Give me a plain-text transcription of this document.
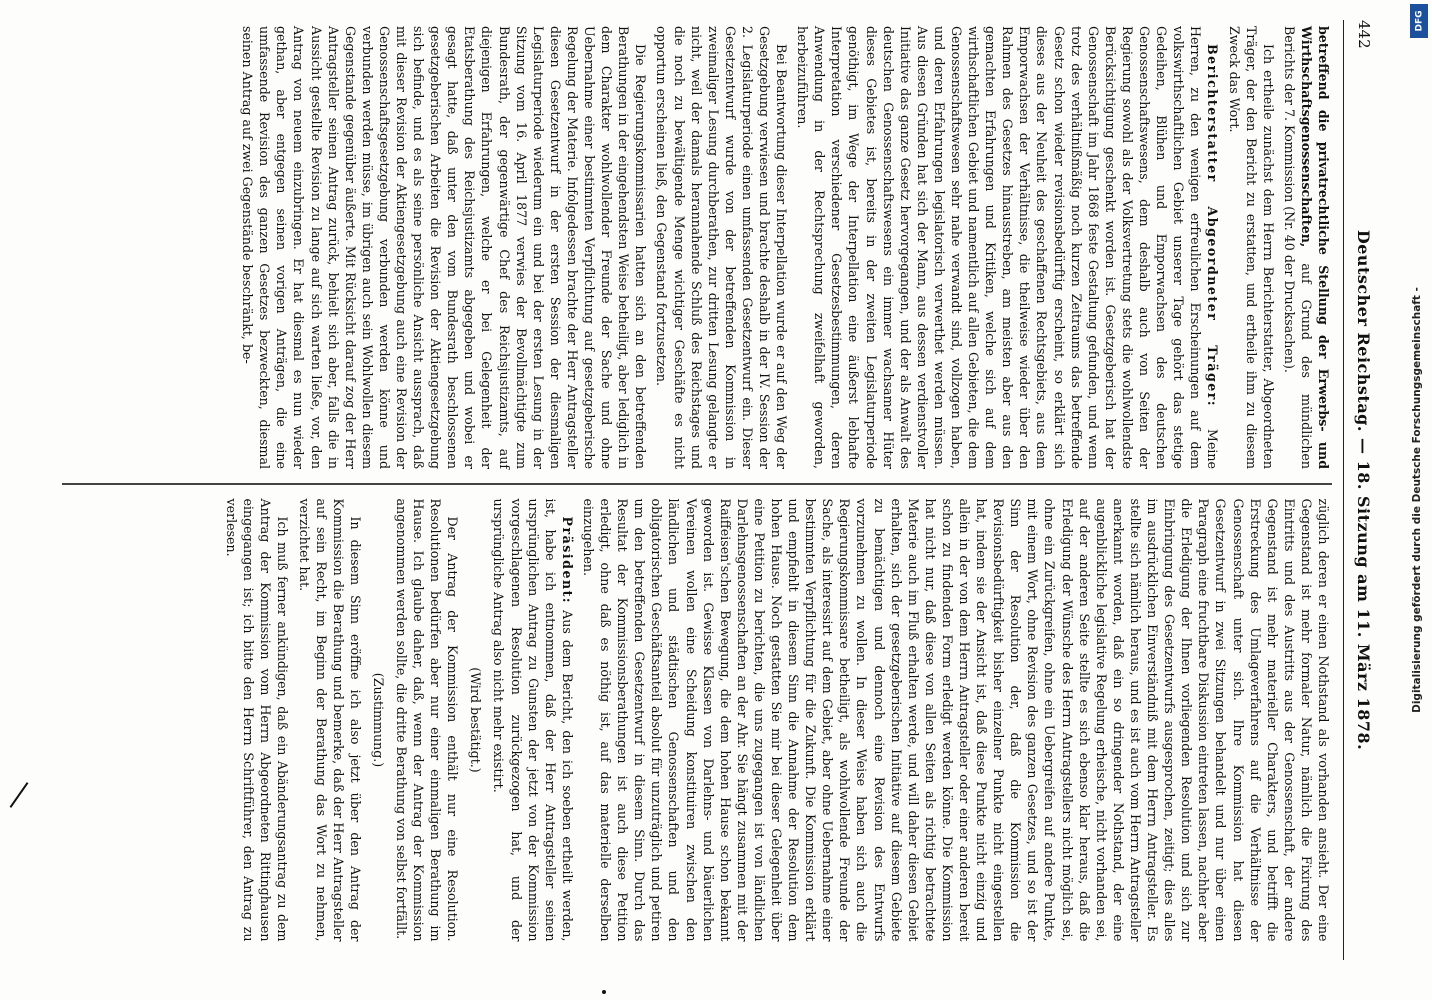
442
Deutscher Reichstag. — 18. Sitzung am 11. März 1878.

betreffend die privatrechtliche Stellung der Erwerbs- und Wirthschaftsgenossenschaften, auf Grund des mündlichen Berichts der 7. Kommission (Nr. 40 der Drucksachen).

Ich ertheile zunächst dem Herrn Berichterstatter, Abgeordneten Träger, der den Bericht zu erstatten, und ertheile ihm zu diesem Zweck das Wort.

Berichterstatter Abgeordneter Träger: Meine Herren, zu den wenigen erfreulichen Erscheinungen auf dem volkswirthschaftlichen Gebiet unserer Tage gehört das stetige Gedeihen, Blühen und Emporwachsen des deutschen Genossenschaftswesens, dem deshalb auch von Seiten der Regierung sowohl als der Volksvertretung stets die wohlwollendste Berücksichtigung geschenkt worden ist. Gesetzgeberisch hat der Genossenschaft im Jahr 1868 feste Gestaltung gefunden, und wenn trotz des verhältnißmäßig noch kurzen Zeitraums das betreffende Gesetz schon wieder revisionsbedürftig erscheint, so erklärt sich dieses aus der Neuheit des geschaffenen Rechtsgebiets, aus dem Emporwachsen der Verhältnisse, die theilweise wieder über den Rahmen des Gesetzes hinausstreben, am meisten aber aus den gemachten Erfahrungen und Kritiken, welche sich auf dem wirthschaftlichen Gebiet und namentlich auf allen Gebieten, die dem Genossenschaftswesen sehr nahe verwandt sind, vollzogen haben, und deren Erfahrungen legislatorisch verwerthet werden müssen. Aus diesen Gründen hat sich der Mann, aus dessen verdienstvoller Initiative das ganze Gesetz hervorgegangen, und der als Anwalt des deutschen Genossenschaftswesens ein immer wachsamer Hüter dieses Gebietes ist, bereits in der zweiten Legislaturperiode genöthigt, im Wege der Interpellation eine äußerst lebhafte Interpretation verschiedener Gesetzesbestimmungen, deren Anwendung in der Rechtsprechung zweifelhaft geworden, herbeizuführen.

Bei Beantwortung dieser Interpellation wurde er auf den Weg der Gesetzgebung verwiesen und brachte deshalb in der IV. Session der 2. Legislaturperiode einen umfassenden Gesetzentwurf ein. Dieser Gesetzentwurf wurde von der betreffenden Kommission in zweimaliger Lesung durchberathen, zur dritten Lesung gelangte er nicht, weil der damals herannahende Schluß des Reichstages und die noch zu bewältigende Menge wichtiger Geschäfte es nicht opportun erscheinen ließ, den Gegenstand fortzusetzen.

Die Regierungskommissarien hatten sich an den betreffenden Berathungen in der eingehendsten Weise betheiligt, aber lediglich in dem Charakter wohlwollender Freunde der Sache und ohne Uebernahme einer bestimmten Verpflichtung auf gesetzgeberische Regelung der Materie. Infolgedessen brachte der Herr Antragsteller diesen Gesetzentwurf in der ersten Session der diesmaligen Legislaturperiode wiederum ein und bei der ersten Lesung in der Sitzung vom 16. April 1877 verwies der Bevollmächtigte zum Bundesrath, der gegenwärtige Chef des Reichsjustizamts, auf diejenigen Erfahrungen, welche er bei Gelegenheit der Etatsberathung des Reichsjustizamts abgegeben und wobei er gesagt hatte, daß unter den vom Bundesrath beschlossenen gesetzgeberischen Arbeiten die Revision der Aktiengesetzgebung sich befinde, und es als seine persönliche Ansicht aussprach, daß mit dieser Revision der Aktiengesetzgebung auch eine Revision der Genossenschaftsgesetzgebung verbunden werden könne und verbunden werden müsse, im übrigen auch sein Wohlwollen diesem Gegenstande gegenüber äußerte. Mit Rücksicht darauf zog der Herr Antragsteller seinen Antrag zurück, behielt sich aber, falls die in Aussicht gestellte Revision zu lange auf sich warten ließe, vor, den Antrag von neuem einzubringen. Er hat diesmal es nun wieder gethan, aber entgegen seinen vorigen Anträgen, die eine umfassende Revision des ganzen Gesetzes bezweckten, diesmal seinen Antrag auf zwei Gegenstände beschränkt, be-

züglich deren er einen Nothstand als vorhanden ansieht. Der eine Gegenstand ist mehr formaler Natur, nämlich die Fixirung des Eintritts und des Austritts aus der Genossenschaft, der andere Gegenstand ist mehr materieller Charakters, und betrifft die Erstreckung des Umlageverfahrens auf die Verhältnisse der Genossenschaft unter sich. Ihre Kommission hat diesen Gesetzentwurf in zwei Sitzungen behandelt und nur über einen Paragraph eine fruchtbare Diskussion eintreten lassen, nachher aber die Erledigung der Ihnen vorliegenden Resolution und sich zur Einbringung des Gesetzentwurfs ausgesprochen, zeitigt; dies alles im ausdrücklichen Einverständniß mit dem Herrn Antragsteller. Es stellte sich nämlich heraus, und es ist auch vom Herrn Antragsteller anerkannt worden, daß ein so dringender Nothstand, der eine augenblickliche legislative Regelung erheische, nicht vorhanden sei, auf der anderen Seite stellte es sich ebenso klar heraus, daß die Erledigung der Wünsche des Herrn Antragstellers nicht möglich sei, ohne ein Zurückgreifen, ohne ein Uebergreifen auf andere Punkte, mit einem Wort, ohne Revision des ganzen Gesetzes, und so ist der Sinn der Resolution der, daß die Kommission die Revisionsbedürftigkeit bisher einzelner Punkte nicht eingestellen hat, indem sie der Ansicht ist, daß diese Punkte nicht einzig und allein in der von dem Herrn Antragsteller oder einer anderen bereit schon zu findenden Form erledigt werden könne. Die Kommission hat nicht nur, daß diese von allen Seiten als richtig betrachtete Materie auch im Fluß erhalten werde, und will daher diesen Gebiet erhalten, sich der gesetzgeberischen Initiative auf diesem Gebiete zu bemächtigen und dennoch eine Revision des Entwurfs vorzunehmen zu wollen. In dieser Weise haben sich auch die Regierungskommissare betheiligt, als wohlwollende Freunde der Sache, als interessirt auf dem Gebiet, aber ohne Uebernahme einer bestimmten Verpflichtung für die Zukunft. Die Kommission erklärt und empfiehlt in diesem Sinn die Annahme der Resolution dem hohen Hause. Noch gestatten Sie mir bei dieser Gelegenheit über eine Petition zu berichten, die uns zugegangen ist von ländlichen Darlehnsgenossenschaften an der Ahr. Sie hängt zusammen mit der Raiffeisen'schen Bewegung, die dem hohen Hause schon bekannt geworden ist. Gewisse Klassen von Darlehns- und bäuerlichen Vereinen wollen eine Scheidung konstituiren zwischen den ländlichen und städtischen Genossenschaften und den obligatorischen Geschäftsanteil absolut für unzuträglich und petiren um den betreffenden Gesetzentwurf in diesem Sinn. Durch das Resultat der Kommissionsberathungen ist auch diese Petition erledigt, ohne daß es nöthig ist, auf das materielle derselben einzugehen.

Präsident: Aus dem Bericht, den ich soeben ertheilt werden, ist, habe ich entnommen, daß der Herr Antragsteller seinen ursprünglichen Antrag zu Gunsten der jetzt von der Kommission vorgeschlagenen Resolution zurückgezogen hat, und der ursprüngliche Antrag also nicht mehr existirt.

(Wird bestätigt.)

Der Antrag der Kommission enthält nur eine Resolution. Resolutionen bedürfen aber nur einer einmaligen Berathung im Hause. Ich glaube daher, daß, wenn der Antrag der Kommission angenommen werden sollte, die dritte Berathung von selbst fortfällt.

(Zustimmung.)

In diesem Sinn eröffne ich also jetzt über den Antrag der Kommission die Berathung und bemerke, daß der Herr Antragsteller auf sein Recht, im Beginn der Berathung das Wort zu nehmen, verzichtet hat.

Ich muß ferner ankündigen, daß ein Abänderungsantrag zu dem Antrag der Kommission vom Herrn Abgeordneten Rittinghausen eingegangen ist; ich bitte den Herrn Schriftführer, den Antrag zu verlesen.

DFG
Digitalisierung gefördert durch die Deutsche Forschungsgemeinschaft -
